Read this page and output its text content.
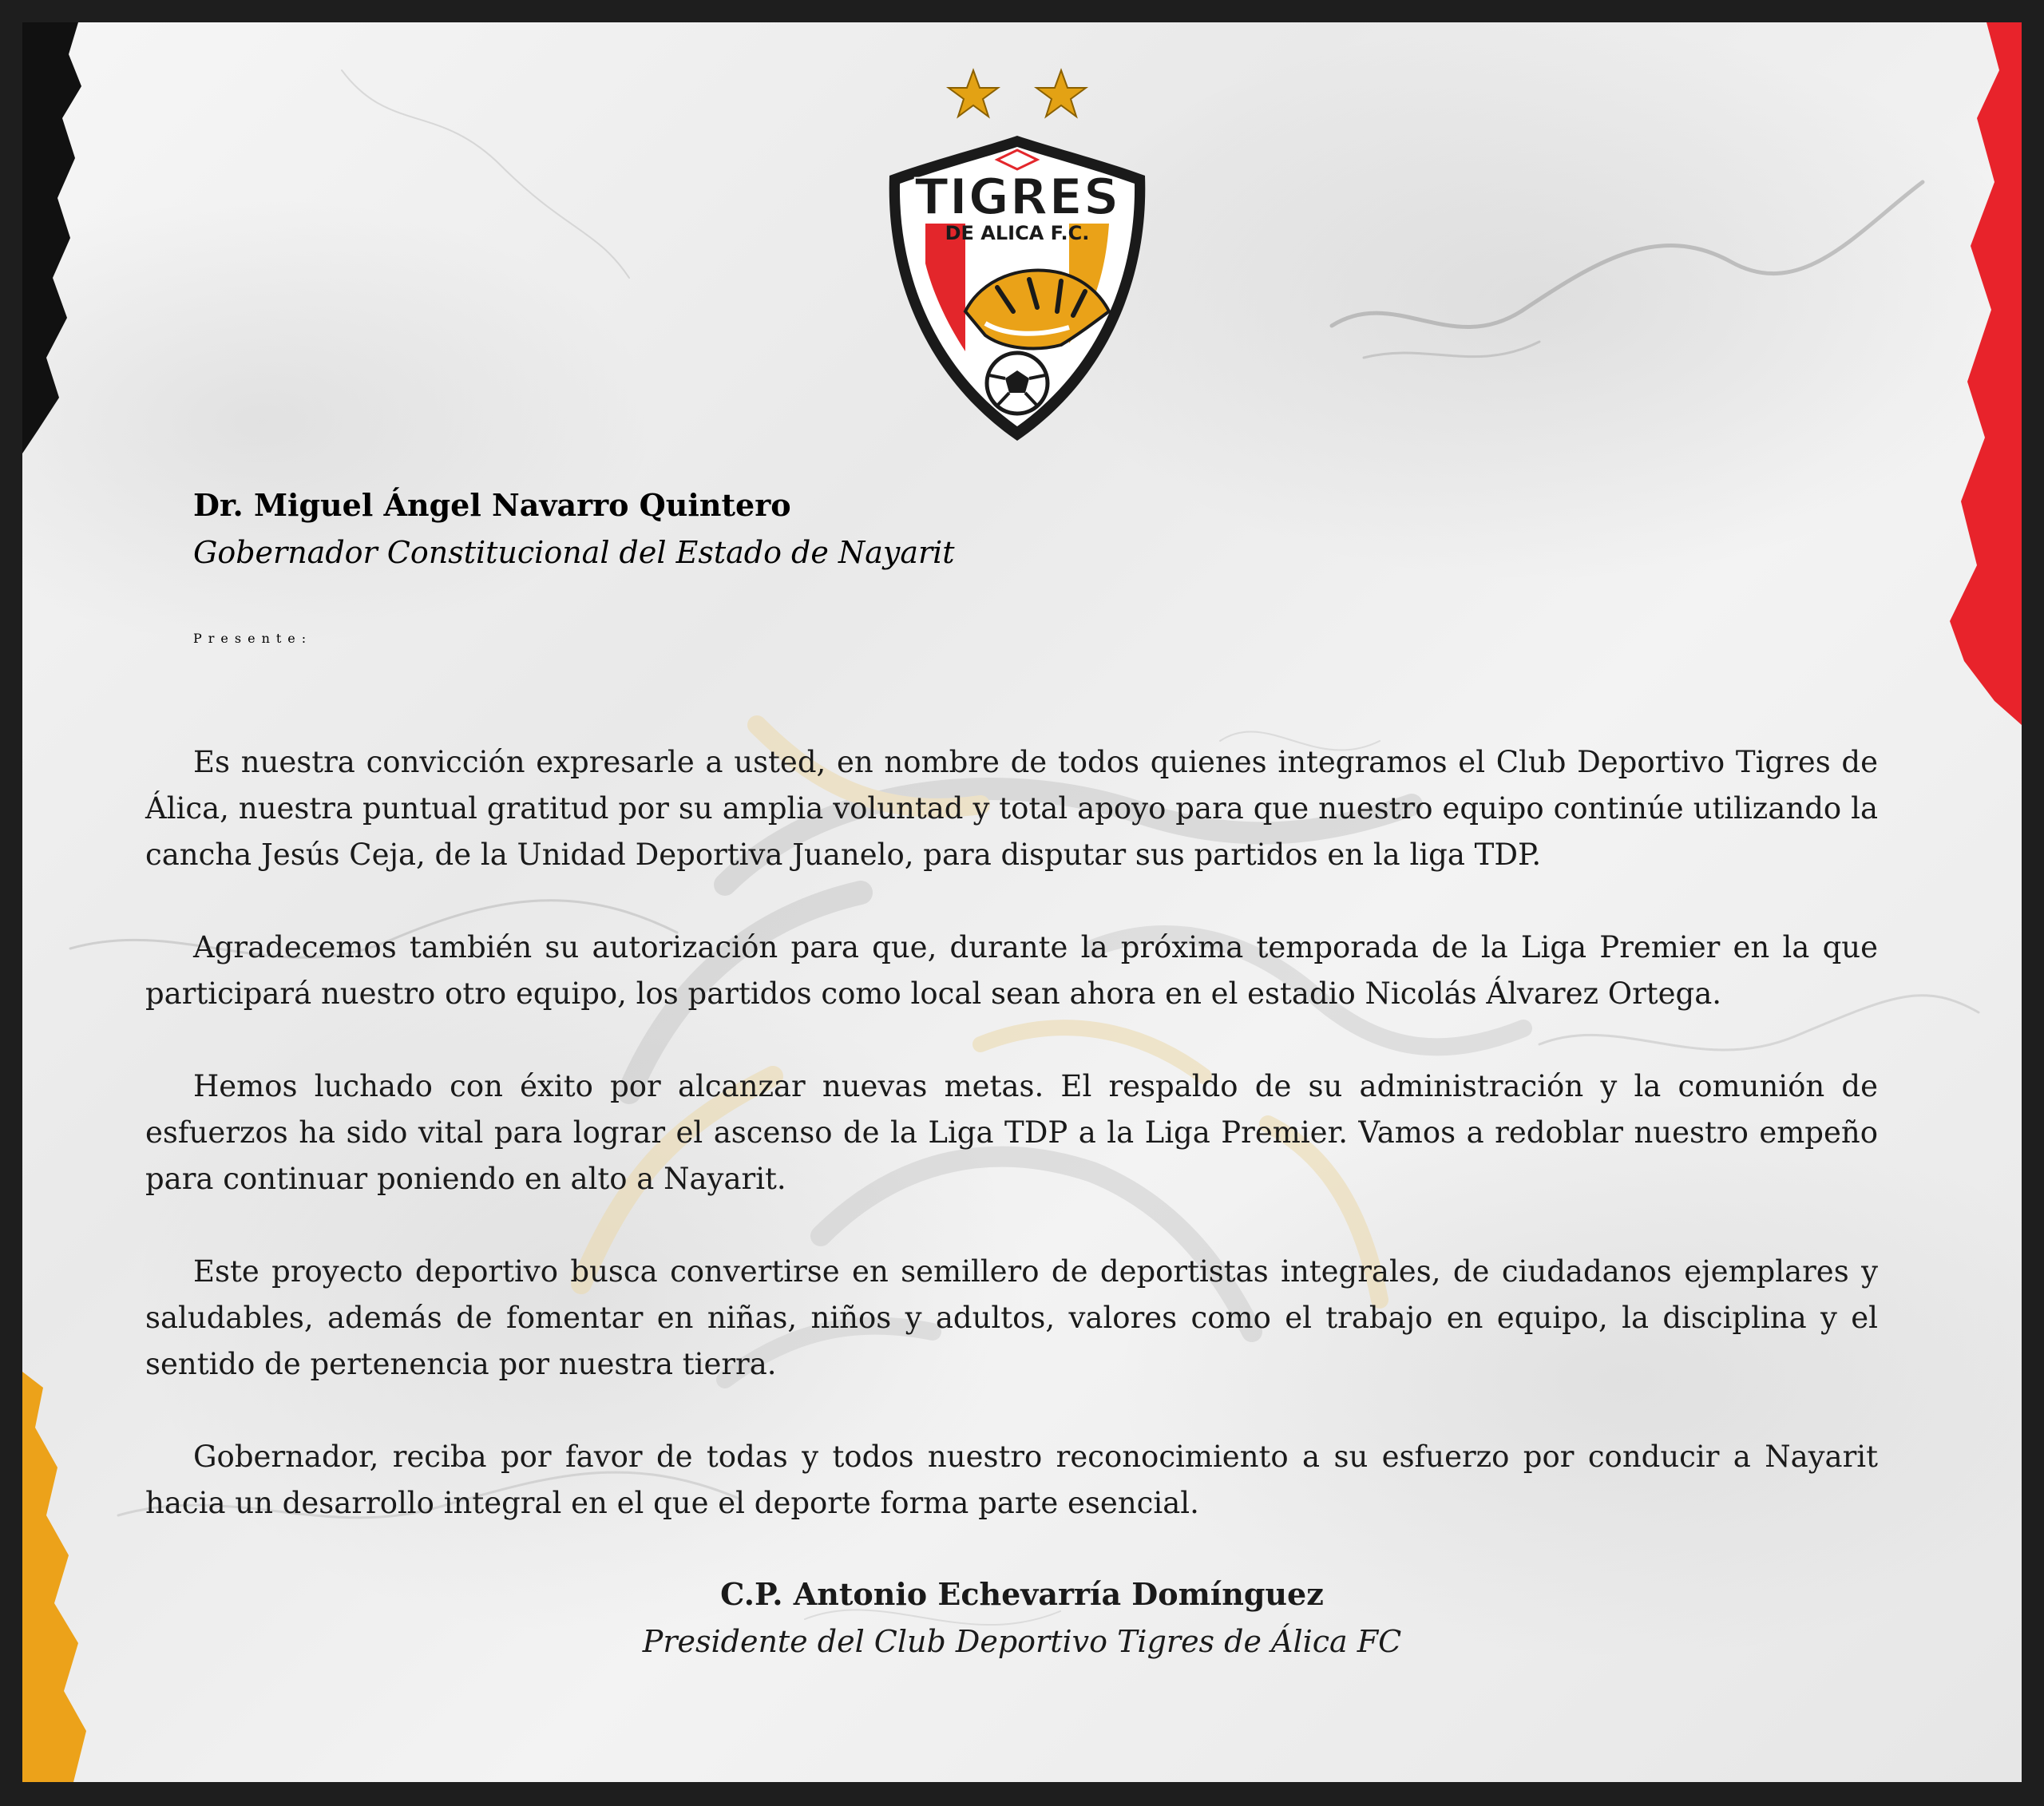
TIGRES
DE ALICA F.C.

Dr. Miguel Ángel Navarro Quintero

Gobernador Constitucional del Estado de Nayarit

Presente:

Es nuestra convicción expresarle a usted, en nombre de todos quienes integramos el Club Deportivo Tigres de Álica, nuestra puntual gratitud por su amplia voluntad y total apoyo para que nuestro equipo continúe utilizando la cancha Jesús Ceja, de la Unidad Deportiva Juanelo, para disputar sus partidos en la liga TDP.

Agradecemos también su autorización para que, durante la próxima temporada de la Liga Premier en la que participará nuestro otro equipo, los partidos como local sean ahora en el estadio Nicolás Álvarez Ortega.

Hemos luchado con éxito por alcanzar nuevas metas. El respaldo de su administración y la comunión de esfuerzos ha sido vital para lograr el ascenso de la Liga TDP a la Liga Premier. Vamos a redoblar nuestro empeño para continuar poniendo en alto a Nayarit.

Este proyecto deportivo busca convertirse en semillero de deportistas integrales, de ciudadanos ejemplares y saludables, además de fomentar en niñas, niños y adultos, valores como el trabajo en equipo, la disciplina y el sentido de pertenencia por nuestra tierra.

Gobernador, reciba por favor de todas y todos nuestro reconocimiento a su esfuerzo por conducir a Nayarit hacia un desarrollo integral en el que el deporte forma parte esencial.

C.P. Antonio Echevarría Domínguez

Presidente del Club Deportivo Tigres de Álica FC
